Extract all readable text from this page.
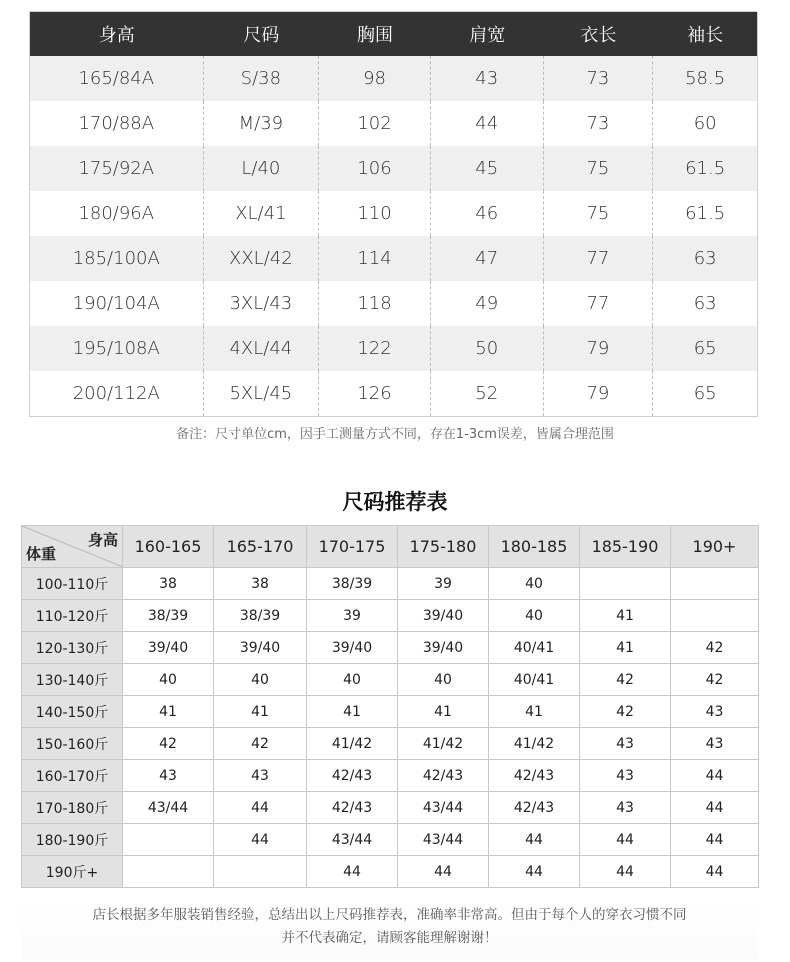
身高	尺码	胸围	肩宽	衣长	袖长
165/84A	S/38	98	43	73	58.5
170/88A	M/39	102	44	73	60
175/92A	L/40	106	45	75	61.5
180/96A	XL/41	110	46	75	61.5
185/100A	XXL/42	114	47	77	63
190/104A	3XL/43	118	49	77	63
195/108A	4XL/44	122	50	79	65
200/112A	5XL/45	126	52	79	65
备注：尺寸单位cm，因手工测量方式不同，存在1-3cm误差，皆属合理范围
尺码推荐表
身高
体重	160-165	165-170	170-175	175-180	180-185	185-190	190+
100-110斤	38	38	38/39	39	40		
110-120斤	38/39	38/39	39	39/40	40	41	
120-130斤	39/40	39/40	39/40	39/40	40/41	41	42
130-140斤	40	40	40	40	40/41	42	42
140-150斤	41	41	41	41	41	42	43
150-160斤	42	42	41/42	41/42	41/42	43	43
160-170斤	43	43	42/43	42/43	42/43	43	44
170-180斤	43/44	44	42/43	43/44	42/43	43	44
180-190斤		44	43/44	43/44	44	44	44
190斤+			44	44	44	44	44
店长根据多年服装销售经验，总结出以上尺码推荐表，准确率非常高。但由于每个人的穿衣习惯不同
并不代表确定，请顾客能理解谢谢！
